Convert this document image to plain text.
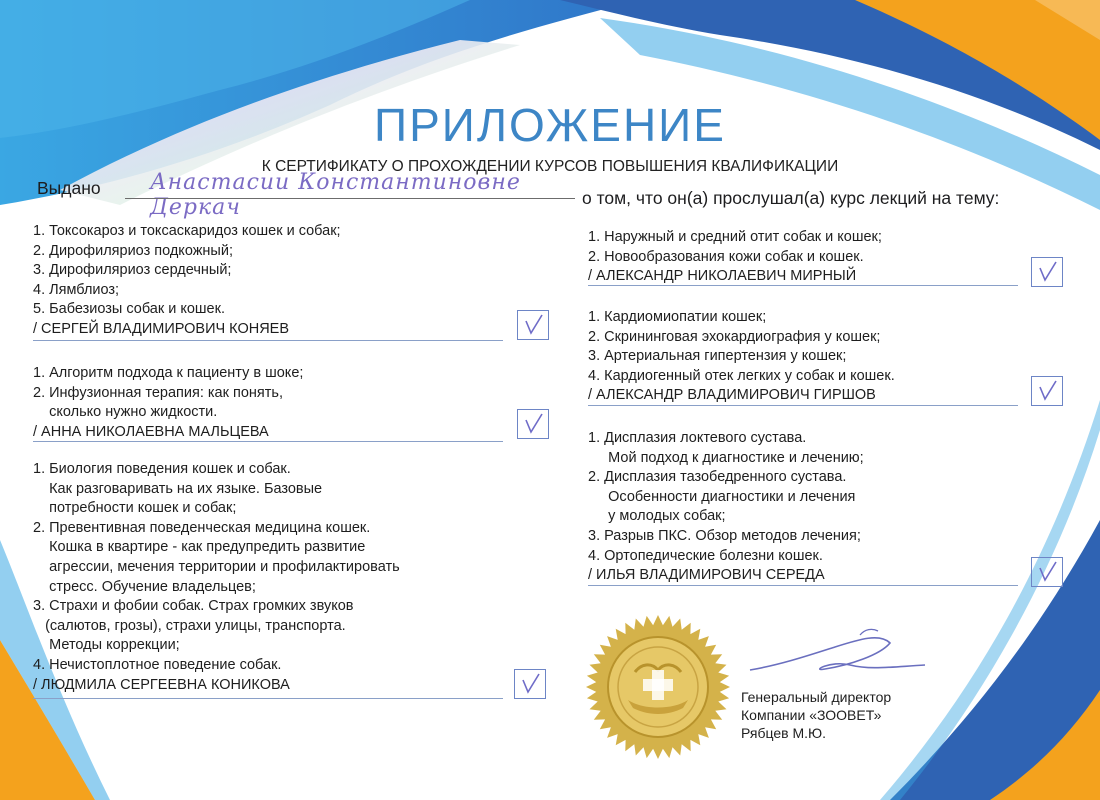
ПРИЛОЖЕНИЕ
К СЕРТИФИКАТУ О ПРОХОЖДЕНИИ КУРСОВ ПОВЫШЕНИЯ КВАЛИФИКАЦИИ
Выдано Анастасии Константиновне Деркач	о том, что он(а) прослушал(а) курс лекций на тему:
1. Токсокароз и токсаскаридоз кошек и собак;
2. Дирофиляриоз подкожный;
3. Дирофиляриоз сердечный;
4. Лямблиоз;
5. Бабезиозы собак и кошек.
/ СЕРГЕЙ ВЛАДИМИРОВИЧ КОНЯЕВ
1. Алгоритм подхода к пациенту в шоке;
2. Инфузионная терапия: как понять,
сколько нужно жидкости.
/ АННА НИКОЛАЕВНА МАЛЬЦЕВА
1. Биология поведения кошек и собак.
Как разговаривать на их языке. Базовые
потребности кошек и собак;
2. Превентивная поведенческая медицина кошек.
Кошка в квартире - как предупредить развитие
агрессии, мечения территории и профилактировать
стресс. Обучение владельцев;
3. Страхи и фобии собак. Страх громких звуков
(салютов, грозы), страхи улицы, транспорта.
Методы коррекции;
4. Нечистоплотное поведение собак.
/ ЛЮДМИЛА СЕРГЕЕВНА КОНИКОВА
1. Наружный и средний отит собак и кошек;
2. Новообразования кожи собак и кошек.
/ АЛЕКСАНДР НИКОЛАЕВИЧ МИРНЫЙ
1. Кардиомиопатии кошек;
2. Скрининговая эхокардиография у кошек;
3. Артериальная гипертензия у кошек;
4. Кардиогенный отек легких у собак и кошек.
/ АЛЕКСАНДР ВЛАДИМИРОВИЧ ГИРШОВ
1. Дисплазия локтевого сустава.
Мой подход к диагностике и лечению;
2. Дисплазия тазобедренного сустава.
Особенности диагностики и лечения
у молодых собак;
3. Разрыв ПКС. Обзор методов лечения;
4. Ортопедические болезни кошек.
/ ИЛЬЯ ВЛАДИМИРОВИЧ СЕРЕДА
Генеральный директор
Компании «ЗООВЕТ»
Рябцев М.Ю.
